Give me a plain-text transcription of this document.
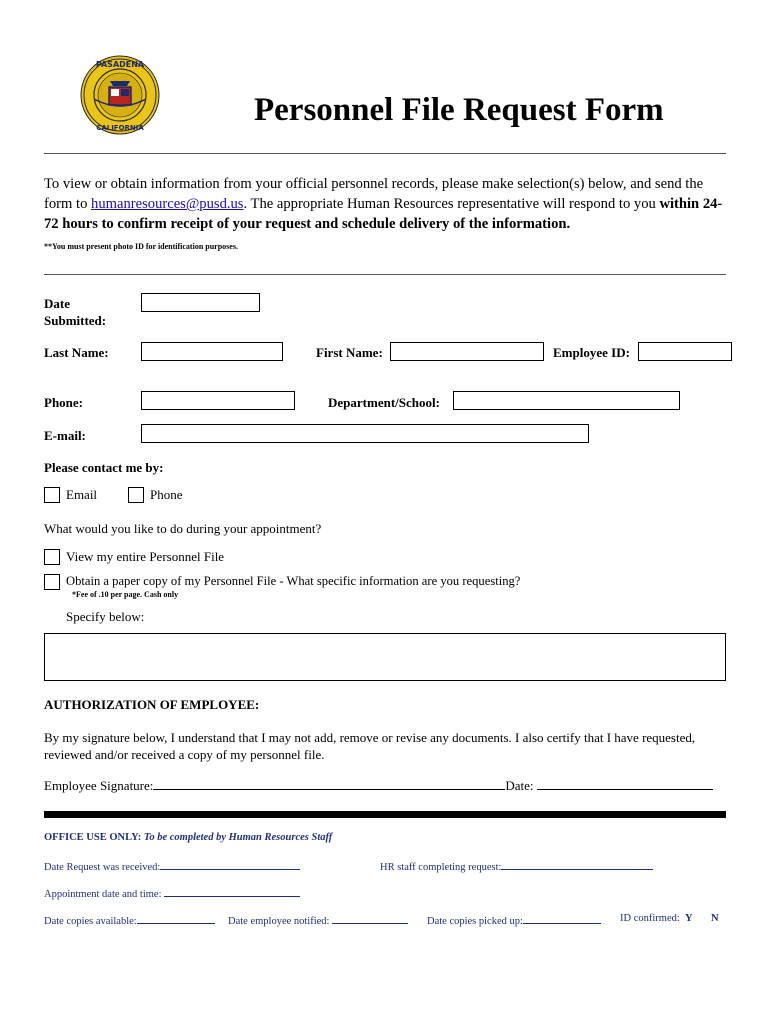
PASADENA
CALIFORNIA	Personnel File Request Form
To view or obtain information from your official personnel records, please make selection(s) below, and send the form to humanresources@pusd.us. The appropriate Human Resources representative will respond to you within 24-72 hours to confirm receipt of your request and schedule delivery of the information.
**You must present photo ID for identification purposes.
Date
Submitted:
Last Name:	First Name:	Employee ID:
Phone:	Department/School:
E-mail:
Please contact me by:
Email	Phone
What would you like to do during your appointment?
View my entire Personnel File
Obtain a paper copy of my Personnel File - What specific information are you requesting?
*Fee of .10 per page. Cash only
Specify below:
AUTHORIZATION OF EMPLOYEE:
By my signature below, I understand that I may not add, remove or revise any documents. I also certify that I have requested, reviewed and/or received a copy of my personnel file.
Employee Signature:	Date:
OFFICE USE ONLY: To be completed by Human Resources Staff
Date Request was received:	HR staff completing request:
Appointment date and time:
Date copies available:	Date employee notified:	Date copies picked up:	ID confirmed: Y N
